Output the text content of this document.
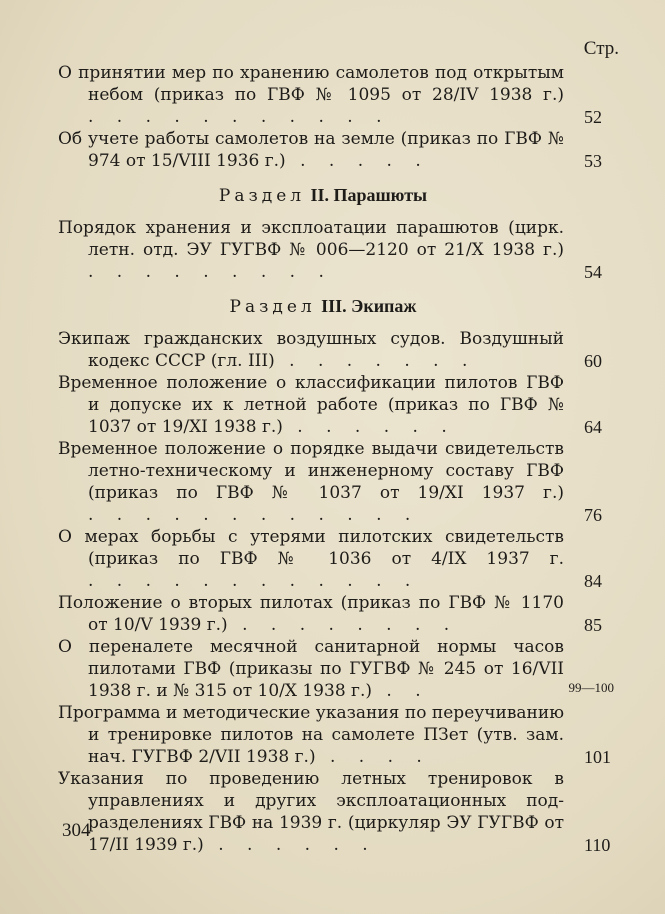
Стр.
О принятии мер по хранению самолетов под открытым небом (приказ по ГВФ № 1095 от 28/IV 1938 г.) . . . . . . . . . . .	52
Об учете работы самолетов на земле (приказ по ГВФ № 974 от 15/VIII 1936 г.) . . . . .	53
Раздел II. Парашюты
Порядок хранения и эксплоатации парашютов (цирк. летн. отд. ЭУ ГУГВФ № 006—2120 от 21/X 1938 г.) . . . . . . . . .	54
Раздел III. Экипаж
Экипаж гражданских воздушных судов. Воздушный кодекс СССР (гл. III) . . . . . . .	60
Временное положение о классификации пилотов ГВФ и допуске их к летной работе (приказ по ГВФ № 1037 от 19/XI 1938 г.) . . . . . .	64
Временное положение о порядке выдачи свидетельств летно-техническому и инженерному составу ГВФ (приказ по ГВФ № 1037 от 19/XI 1937 г.) . . . . . . . . . . . .	76
О мерах борьбы с утерями пилотских свидетельств (приказ по ГВФ № 1036 от 4/IX 1937 г. . . . . . . . . . . . .	84
Положение о вторых пилотах (приказ по ГВФ № 1170 от 10/V 1939 г.) . . . . . . . .	85
О переналете месячной санитарной нормы часов пилотами ГВФ (приказы по ГУГВФ № 245 от 16/VII 1938 г. и № 315 от 10/X 1938 г.) . .	99—100
Программа и методические указания по переучиванию и тренировке пилотов на самолете ПЗет (утв. зам. нач. ГУГВФ 2/VII 1938 г.) . . . .	101
Указания по проведению летных тренировок в управлениях и других эксплоатационных подразделениях ГВФ на 1939 г. (циркуляр ЭУ ГУГВФ от 17/II 1939 г.) . . . . . .	110
304
